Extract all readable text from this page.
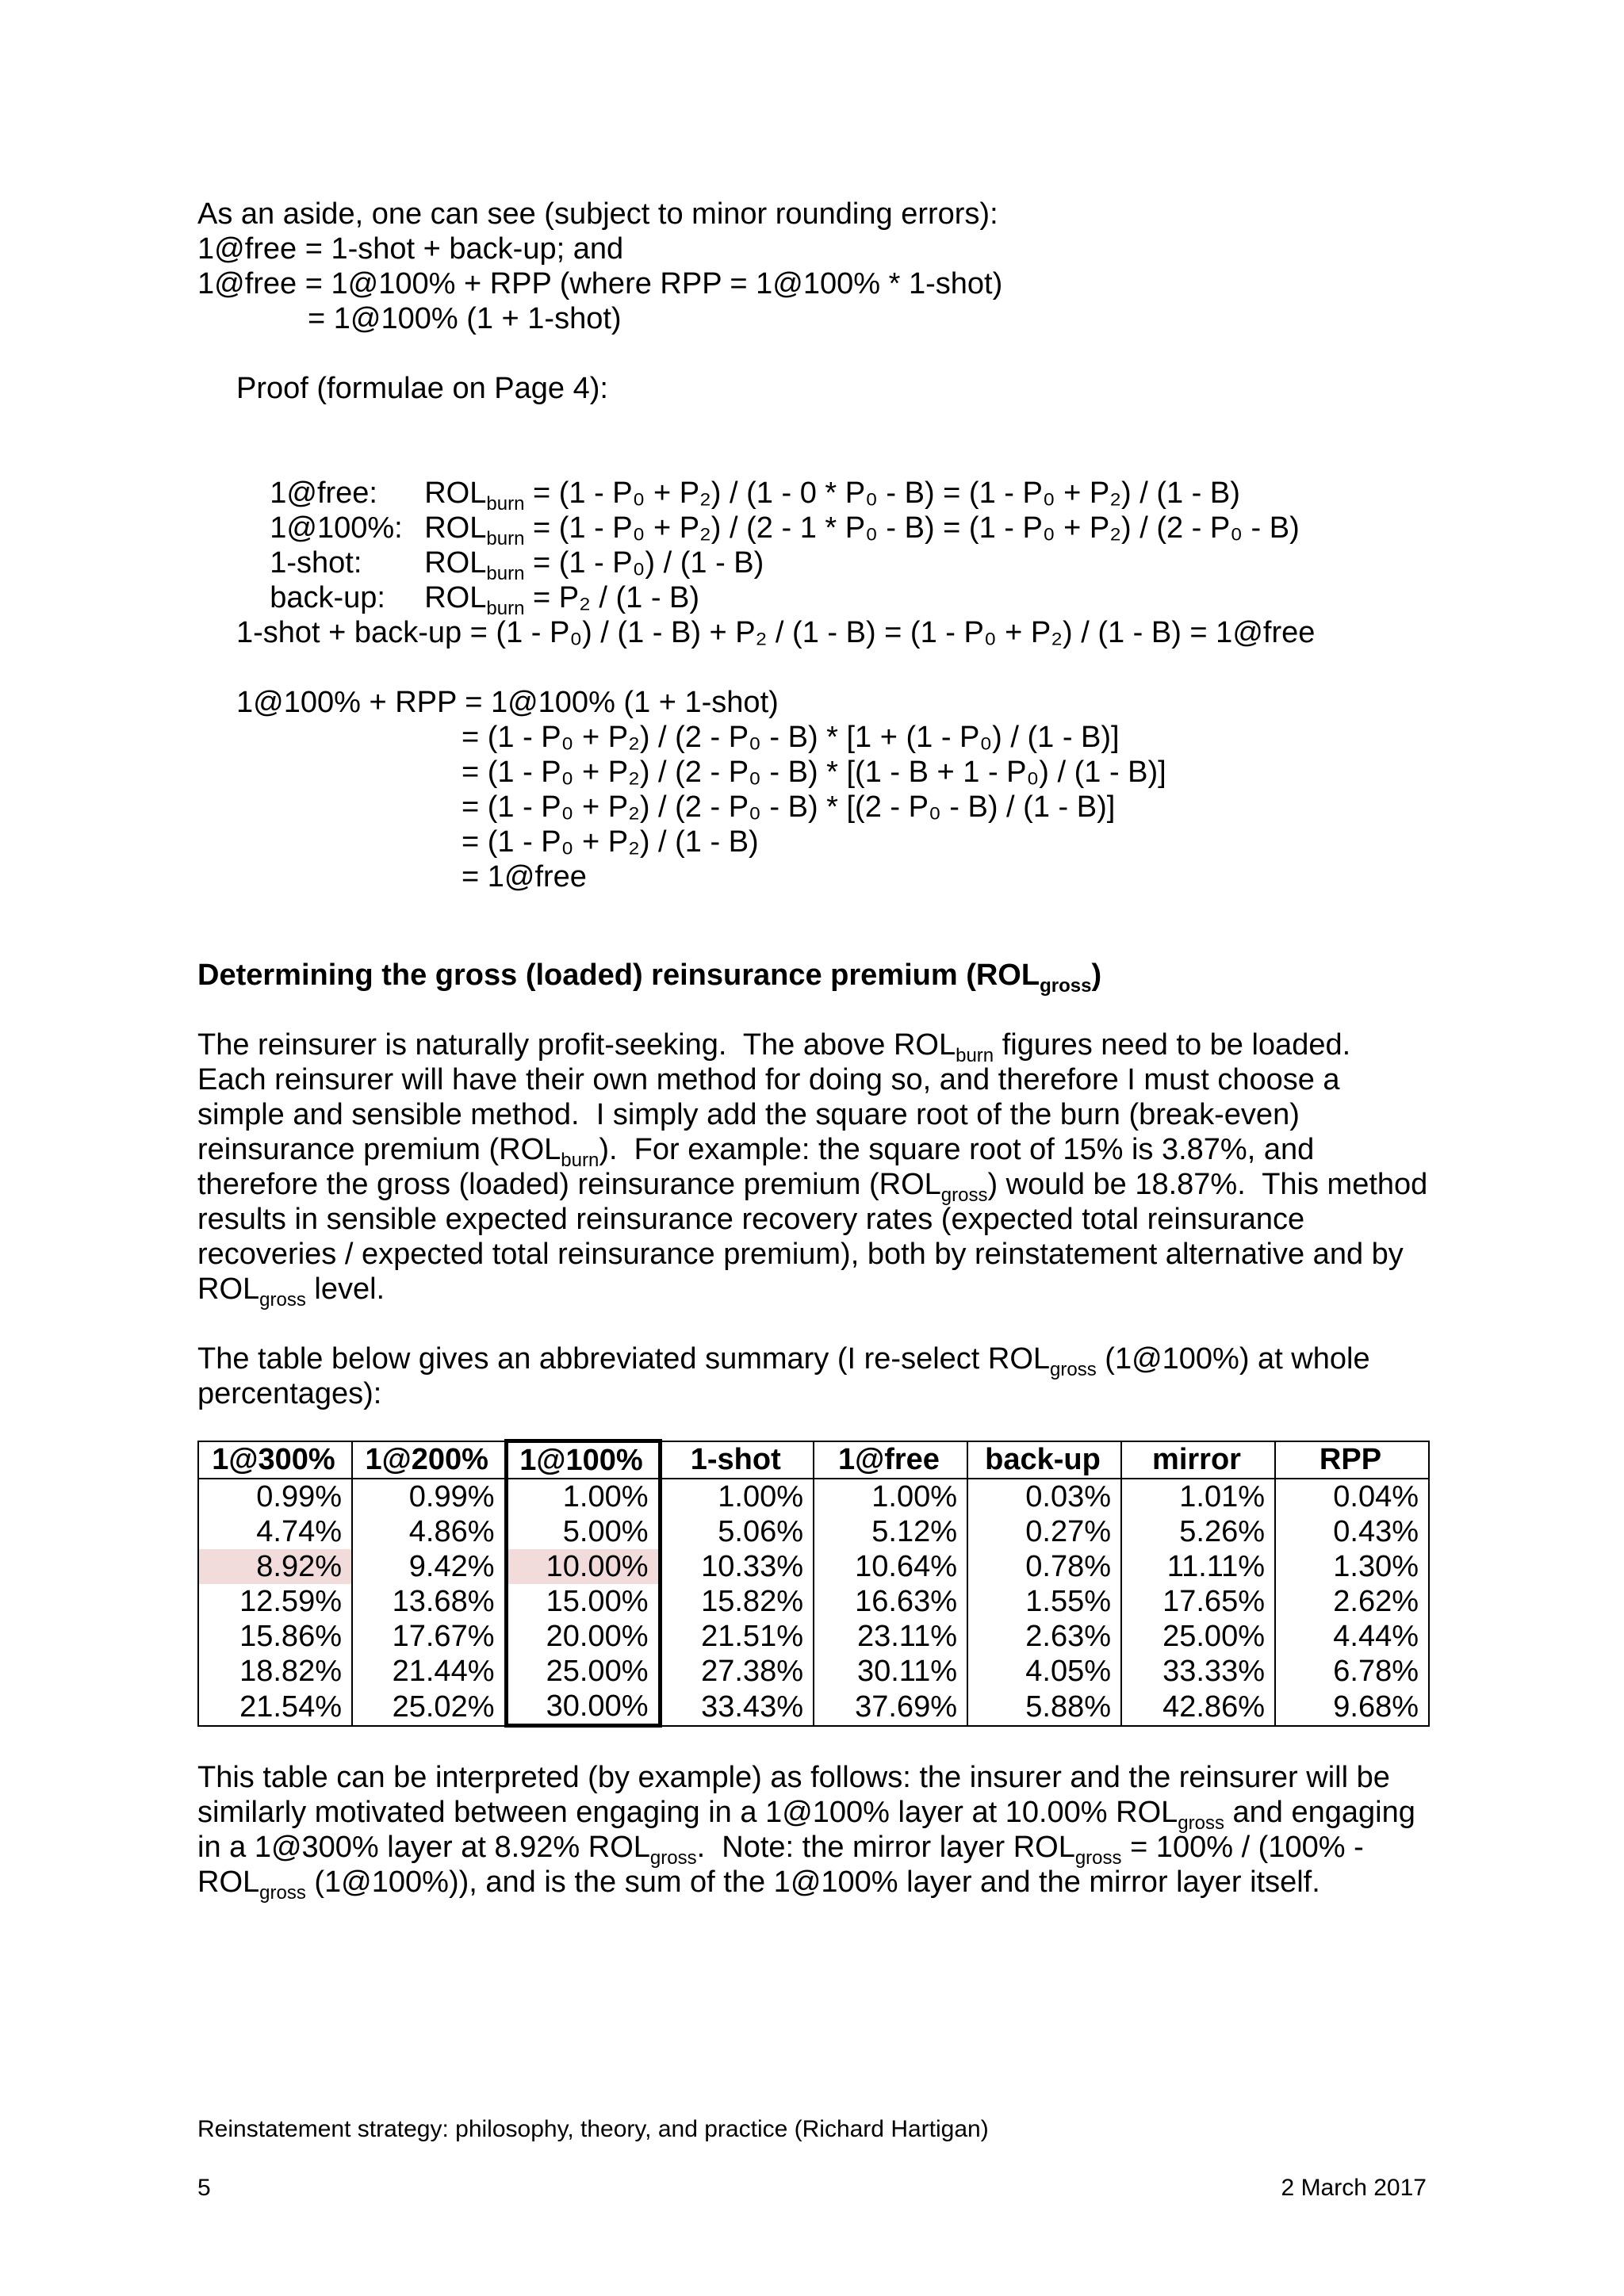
As an aside, one can see (subject to minor rounding errors):
1@free = 1-shot + back-up; and
1@free = 1@100% + RPP (where RPP = 1@100% * 1-shot)
= 1@100% (1 + 1-shot)
Proof (formulae on Page 4):

1@free: $ROL_{burn} = (1 - P_0 + P_2) / (1 - 0 * P_0 - B) = (1 - P_0 + P_2) / (1 - B)$

1@100%: $ROL_{burn} = (1 - P_0 + P_2) / (2 - 1 * P_0 - B) = (1 - P_0 + P_2) / (2 - P_0 - B)$

1-shot: $ROL_{burn} = (1 - P_0) / (1 - B)$

back-up: $ROL_{burn} = P_2 / (1 - B)$

1-shot + back-up = (1 - P₀) / (1 - B) + P₂ / (1 - B) = (1 - P₀ + P₂) / (1 - B) = 1@free
1@100% + RPP = 1@100% (1 + 1-shot)
= (1 - P₀ + P₂) / (2 - P₀ - B) * [1 + (1 - P₀) / (1 - B)]
= (1 - P₀ + P₂) / (2 - P₀ - B) * [(1 - B + 1 - P₀) / (1 - B)]
= (1 - P₀ + P₂) / (2 - P₀ - B) * [(2 - P₀ - B) / (1 - B)]
= (1 - P₀ + P₂) / (1 - B)
= 1@free
Determining the gross (loaded) reinsurance premium $(ROL_{gross})$
The reinsurer is naturally profit-seeking.  The above $ROL_{burn}$ figures need to be loaded.
Each reinsurer will have their own method for doing so, and therefore I must choose a
simple and sensible method.  I simply add the square root of the burn (break-even)
reinsurance premium $(ROL_{burn})$.  For example: the square root of 15% is 3.87%, and
therefore the gross (loaded) reinsurance premium $(ROL_{gross})$ would be 18.87%.  This method
results in sensible expected reinsurance recovery rates (expected total reinsurance
recoveries / expected total reinsurance premium), both by reinstatement alternative and by
$ROL_{gross}$ level.
The table below gives an abbreviated summary (I re-select $ROL_{gross}$ (1@100%) at whole
percentages):
1@300%	1@200%	1@100%	1-shot	1@free	back-up	mirror	RPP
0.99%	0.99%	1.00%	1.00%	1.00%	0.03%	1.01%	0.04%
4.74%	4.86%	5.00%	5.06%	5.12%	0.27%	5.26%	0.43%
8.92%	9.42%	10.00%	10.33%	10.64%	0.78%	11.11%	1.30%
12.59%	13.68%	15.00%	15.82%	16.63%	1.55%	17.65%	2.62%
15.86%	17.67%	20.00%	21.51%	23.11%	2.63%	25.00%	4.44%
18.82%	21.44%	25.00%	27.38%	30.11%	4.05%	33.33%	6.78%
21.54%	25.02%	30.00%	33.43%	37.69%	5.88%	42.86%	9.68%
This table can be interpreted (by example) as follows: the insurer and the reinsurer will be
similarly motivated between engaging in a 1@100% layer at 10.00% $ROL_{gross}$ and engaging
in a 1@300% layer at 8.92% $ROL_{gross}$.  Note: the mirror layer $ROL_{gross} = 100\% / (100\%$ -
$ROL_{gross}$ (1@100%)), and is the sum of the 1@100% layer and the mirror layer itself.
Reinstatement strategy: philosophy, theory, and practice (Richard Hartigan)
5	2 March 2017
